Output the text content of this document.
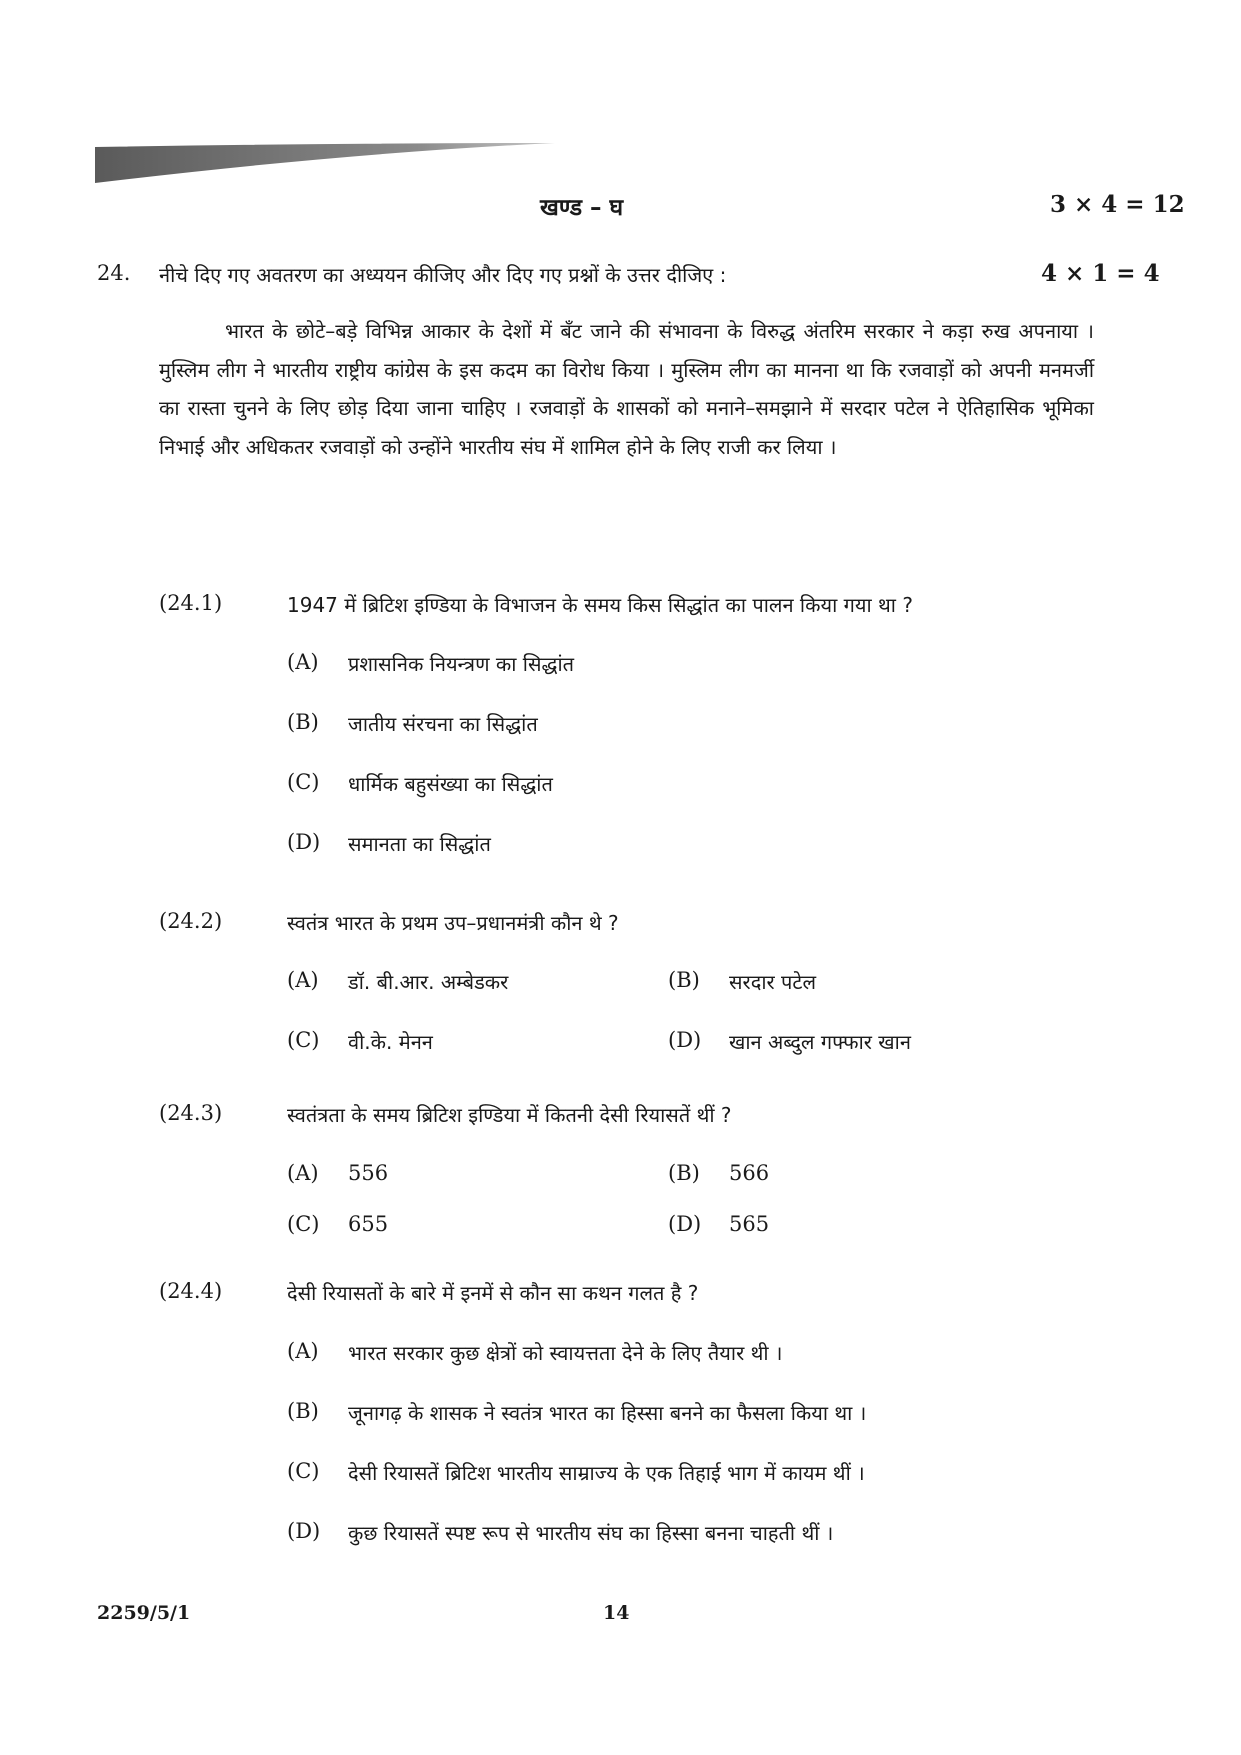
खण्ड – घ	3 × 4 = 12
24. नीचे दिए गए अवतरण का अध्ययन कीजिए और दिए गए प्रश्नों के उत्तर दीजिए :	4 × 1 = 4
भारत के छोटे–बड़े विभिन्न आकार के देशों में बँट जाने की संभावना के विरुद्ध अंतरिम सरकार ने कड़ा रुख अपनाया । मुस्लिम लीग ने भारतीय राष्ट्रीय कांग्रेस के इस कदम का विरोध किया । मुस्लिम लीग का मानना था कि रजवाड़ों को अपनी मनमर्जी का रास्ता चुनने के लिए छोड़ दिया जाना चाहिए । रजवाड़ों के शासकों को मनाने–समझाने में सरदार पटेल ने ऐतिहासिक भूमिका निभाई और अधिकतर रजवाड़ों को उन्होंने भारतीय संघ में शामिल होने के लिए राजी कर लिया ।
(24.1)	1947 में ब्रिटिश इण्डिया के विभाजन के समय किस सिद्धांत का पालन किया गया था ?
(A) प्रशासनिक नियन्त्रण का सिद्धांत
(B) जातीय संरचना का सिद्धांत
(C) धार्मिक बहुसंख्या का सिद्धांत
(D) समानता का सिद्धांत
(24.2)	स्वतंत्र भारत के प्रथम उप–प्रधानमंत्री कौन थे ?
(A) डॉ. बी.आर. अम्बेडकर	(B) सरदार पटेल
(C) वी.के. मेनन	(D) खान अब्दुल गफ्फार खान
(24.3)	स्वतंत्रता के समय ब्रिटिश इण्डिया में कितनी देसी रियासतें थीं ?
(A) 556	(B) 566
(C) 655	(D) 565
(24.4)	देसी रियासतों के बारे में इनमें से कौन सा कथन गलत है ?
(A) भारत सरकार कुछ क्षेत्रों को स्वायत्तता देने के लिए तैयार थी ।
(B) जूनागढ़ के शासक ने स्वतंत्र भारत का हिस्सा बनने का फैसला किया था ।
(C) देसी रियासतें ब्रिटिश भारतीय साम्राज्य के एक तिहाई भाग में कायम थीं ।
(D) कुछ रियासतें स्पष्ट रूप से भारतीय संघ का हिस्सा बनना चाहती थीं ।
2259/5/1	14
